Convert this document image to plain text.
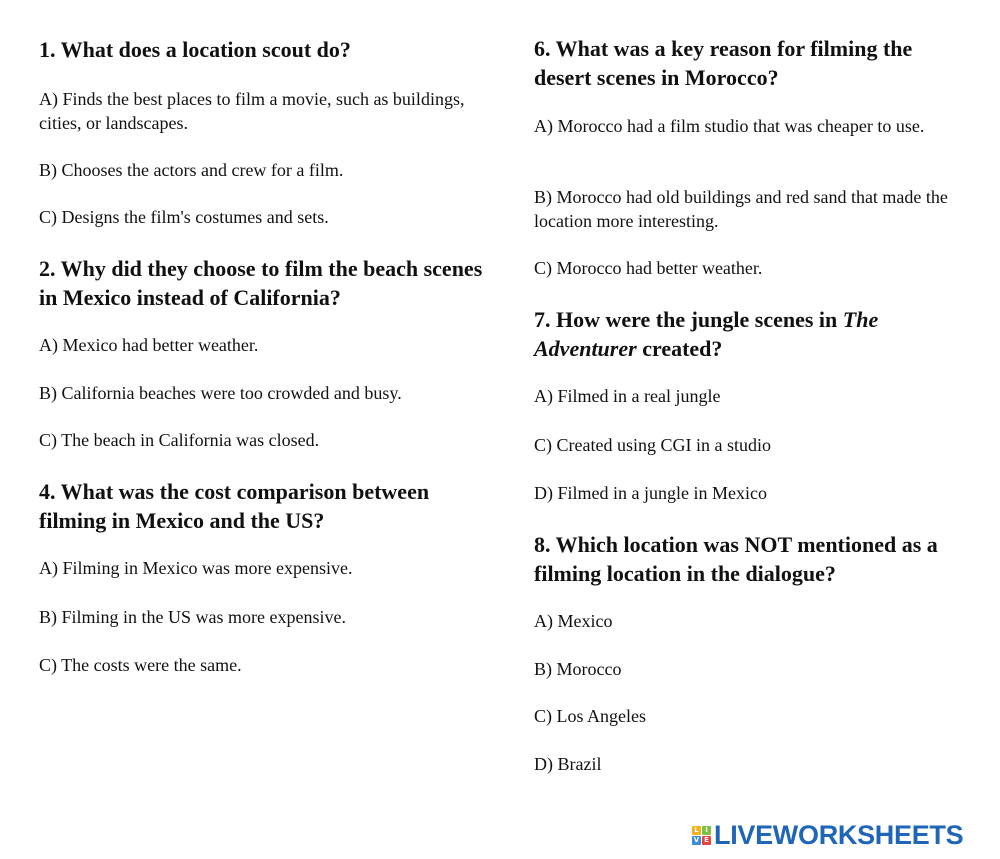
1. What does a location scout do?
A) Finds the best places to film a movie, such as buildings, cities, or landscapes.
B) Chooses the actors and crew for a film.
C) Designs the film's costumes and sets.
2. Why did they choose to film the beach scenes in Mexico instead of California?
A) Mexico had better weather.
B) California beaches were too crowded and busy.
C) The beach in California was closed.
4. What was the cost comparison between filming in Mexico and the US?
A) Filming in Mexico was more expensive.
B) Filming in the US was more expensive.
C) The costs were the same.
6. What was a key reason for filming the desert scenes in Morocco?
A) Morocco had a film studio that was cheaper to use.
B) Morocco had old buildings and red sand that made the location more interesting.
C) Morocco had better weather.
7. How were the jungle scenes in The Adventurer created?
A) Filmed in a real jungle
C) Created using CGI in a studio
D) Filmed in a jungle in Mexico
8. Which location was NOT mentioned as a filming location in the dialogue?
A) Mexico
B) Morocco
C) Los Angeles
D) Brazil
L I
V E LIVEWORKSHEETS
